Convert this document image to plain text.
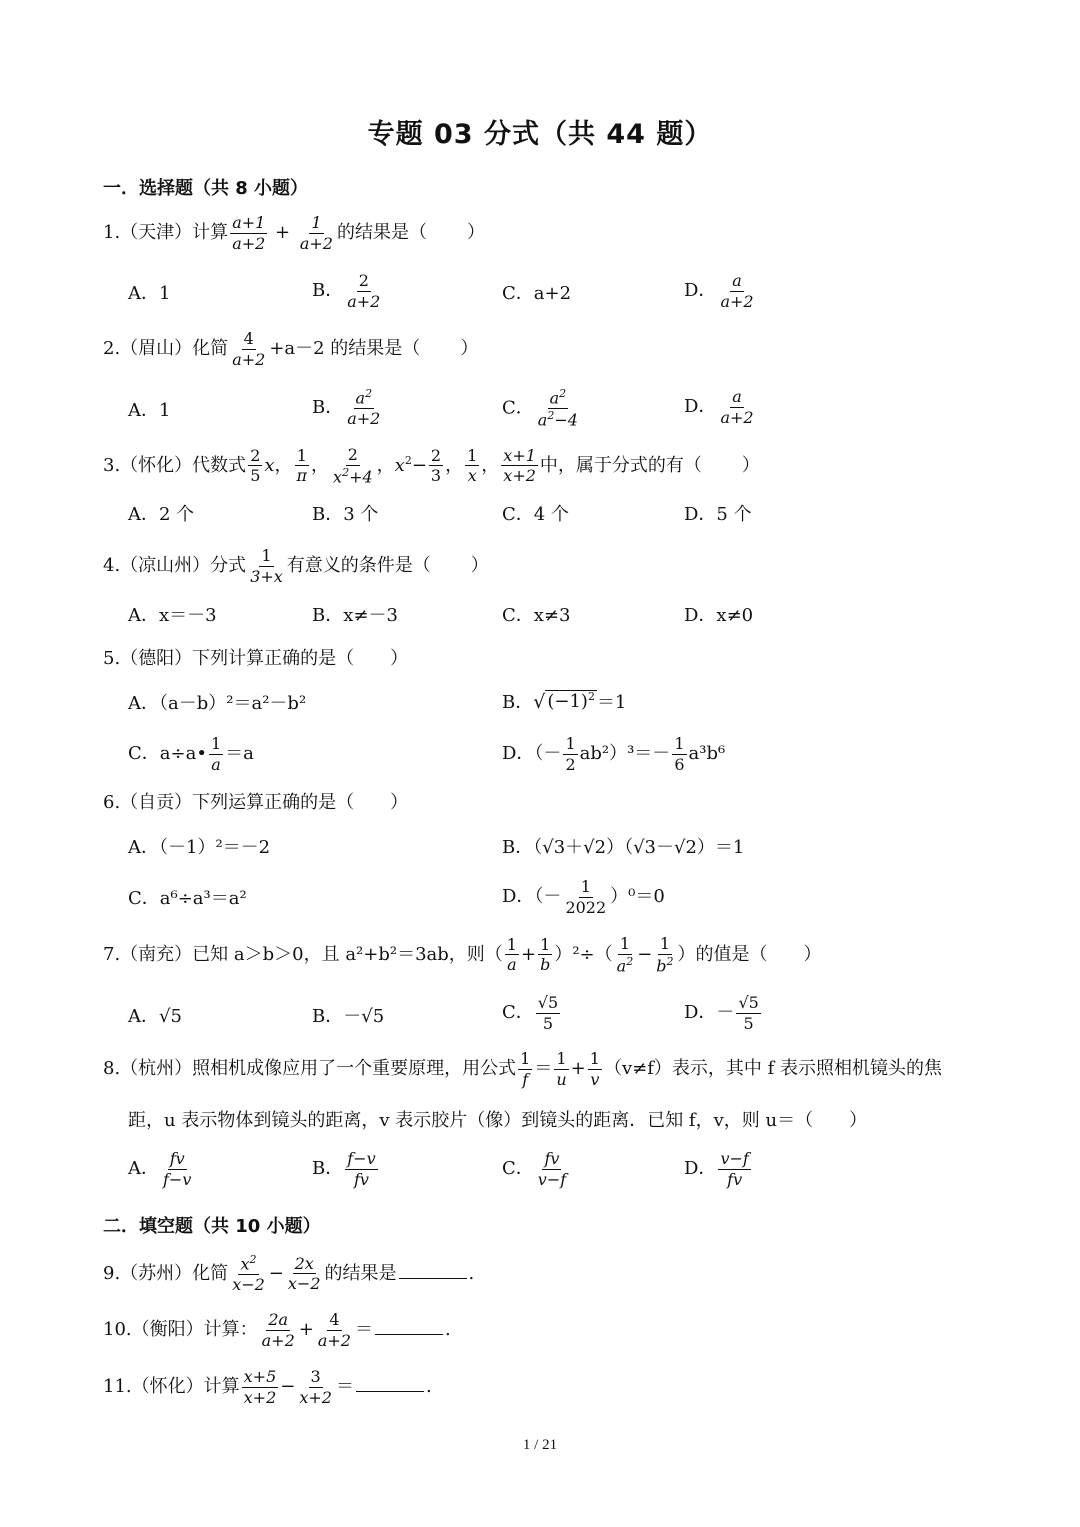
专题 03 分式（共 44 题）
一．选择题（共 8 小题）
1.（天津）计算 $\frac{a+1}{a+2} + \frac{1}{a+2}$ 的结果是（ ）
A．1	B． $\frac{2}{a+2}$	C．a+2	D． $\frac{a}{a+2}$
2.（眉山）化简 $\frac{4}{a+2} +a-2$ 的结果是（ ）
A．1	B． $\frac{a^2}{a+2}$	C． $\frac{a^2}{a^2-4}$	D． $\frac{a}{a+2}$
3.（怀化）代数式 $\frac{2}{5}$ x， $\frac{1}{\pi}$ ， $\frac{2}{x^2+4}$ ，$x^2- \frac{2}{3}$ ， $\frac{1}{x}$ ， $\frac{x+1}{x+2}$ 中，属于分式的有（ ）
A．2 个	B．3 个	C．4 个	D．5 个
4.（凉山州）分式 $\frac{1}{3+x}$ 有意义的条件是（ ）
A．x＝－3	B．x≠－3	C．x≠3	D．x≠0
5.（德阳）下列计算正确的是（　　）
A．（a－b）²＝a²－b²	B． √ $(-1)^2 =1$
C．a÷a• $\frac{1}{a} =a$	D．（－ $\frac{1}{2} ab^2)^3=- \frac{1}{6} a^3b^6$
6.（自贡）下列运算正确的是（　　）
A．（－1）²＝－2	B．（√3＋√2）（√3－√2）＝1
C．a⁶÷a³＝a²	D．（－ $\frac{1}{2022} )^0=0$
7.（南充）已知 a＞b＞0，且 a²+b²＝3ab，则（ $\frac{1}{a} + \frac{1}{b} )^2\div( \frac{1}{a^2} - \frac{1}{b^2}$ ）的值是（　　）
A．√5	B．－√5	C． $\frac{√5}{5}$	D．－ $\frac{√5}{5}$
8.（杭州）照相机成像应用了一个重要原理，用公式 $\frac{1}{f} = \frac{1}{u} + \frac{1}{v} (v\ne f)$表示，其中 f 表示照相机镜头的焦
距，u 表示物体到镜头的距离，v 表示胶片（像）到镜头的距离．已知 f，v，则 u＝（　　）
A． $\frac{fv}{f-v}$	B． $\frac{f-v}{fv}$	C． $\frac{fv}{v-f}$	D． $\frac{v-f}{fv}$
二．填空题（共 10 小题）
9.（苏州）化简 $\frac{x^2}{x-2} - \frac{2x}{x-2}$ 的结果是	.
10.（衡阳）计算： $\frac{2a}{a+2} + \frac{4}{a+2}$ ＝	.
11.（怀化）计算 $\frac{x+5}{x+2} - \frac{3}{x+2}$ ＝	.
1 / 21
